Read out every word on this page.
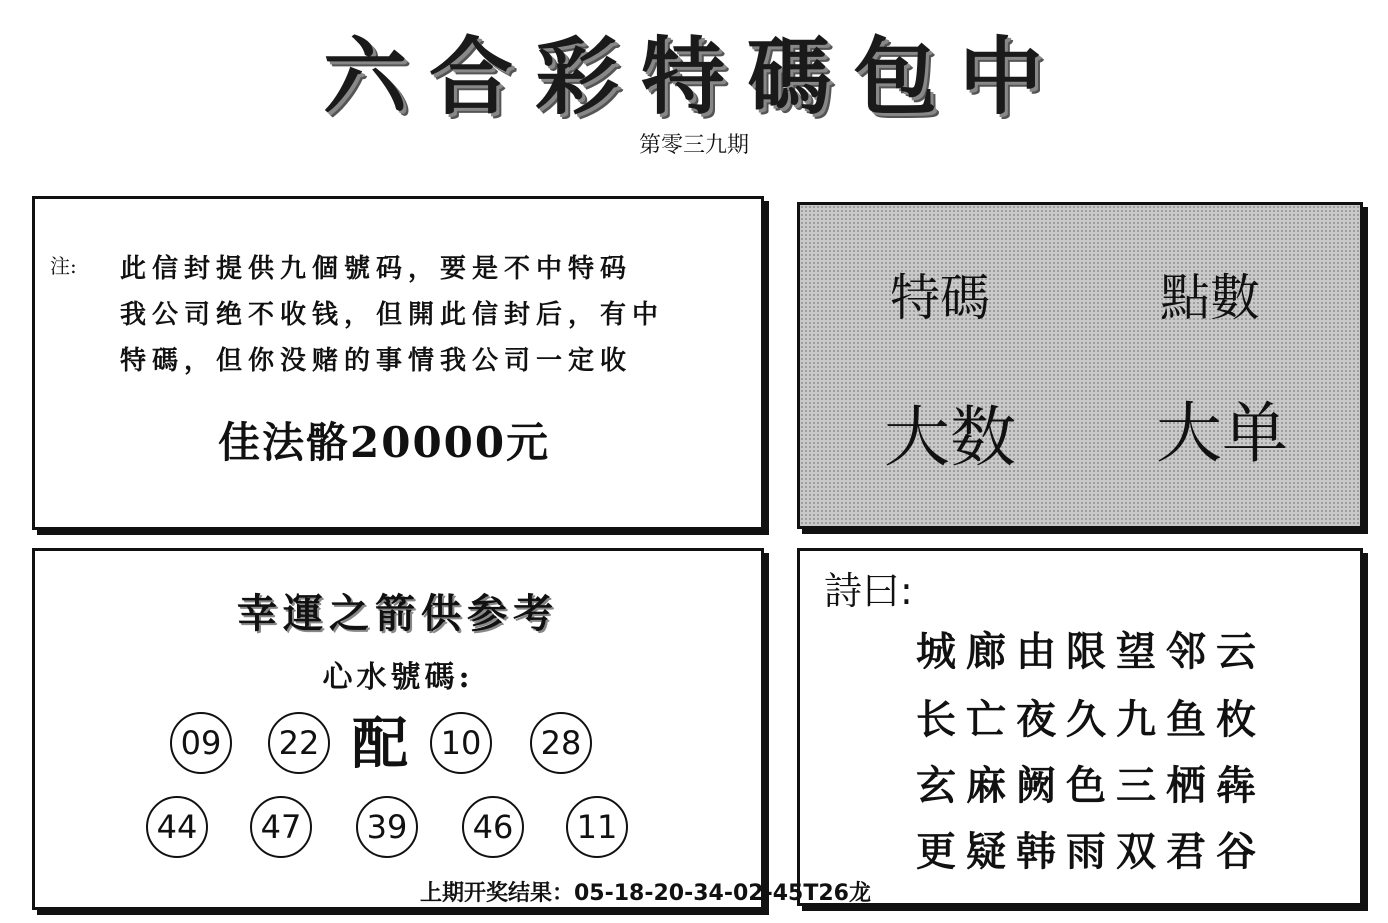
六合彩特碼包中
第零三九期
注: 此信封提供九個號码，要是不中特码
我公司绝不收钱，但開此信封后，有中
特碼，但你没赌的事情我公司一定收
佳法骼20000元
特碼	點數
大数 大单
幸運之箭供参考
心水號碼:
09	22 配	10	28
44	47	39	46	11
詩曰:
城廊由限望邻云
长亡夜久九鱼枚
玄麻阙色三栖犇
更疑韩雨双君谷
上期开奖结果：05-18-20-34-02-45T26龙
